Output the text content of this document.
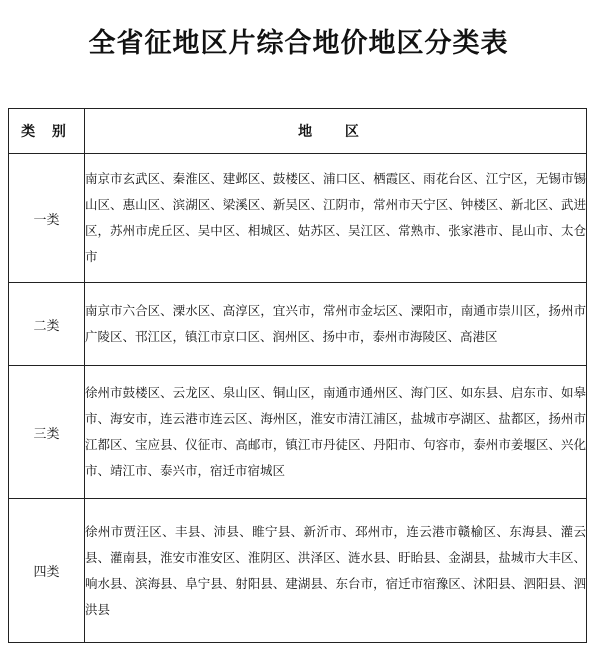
全省征地区片综合地价地区分类表
类 别	地 区
一类	南京市玄武区、秦淮区、建邺区、鼓楼区、浦口区、栖霞区、雨花台区、江宁区，无锡市锡山区、惠山区、滨湖区、梁溪区、新吴区、江阴市，常州市天宁区、钟楼区、新北区、武进区，苏州市虎丘区、吴中区、相城区、姑苏区、吴江区、常熟市、张家港市、昆山市、太仓市
二类	南京市六合区、溧水区、高淳区，宜兴市，常州市金坛区、溧阳市，南通市崇川区，扬州市广陵区、邗江区，镇江市京口区、润州区、扬中市，泰州市海陵区、高港区
三类	徐州市鼓楼区、云龙区、泉山区、铜山区，南通市通州区、海门区、如东县、启东市、如皋市、海安市，连云港市连云区、海州区，淮安市清江浦区，盐城市亭湖区、盐都区，扬州市江都区、宝应县、仪征市、高邮市，镇江市丹徒区、丹阳市、句容市，泰州市姜堰区、兴化市、靖江市、泰兴市，宿迁市宿城区
四类	徐州市贾汪区、丰县、沛县、睢宁县、新沂市、邳州市，连云港市赣榆区、东海县、灌云县、灌南县，淮安市淮安区、淮阴区、洪泽区、涟水县、盱眙县、金湖县，盐城市大丰区、响水县、滨海县、阜宁县、射阳县、建湖县、东台市，宿迁市宿豫区、沭阳县、泗阳县、泗洪县
